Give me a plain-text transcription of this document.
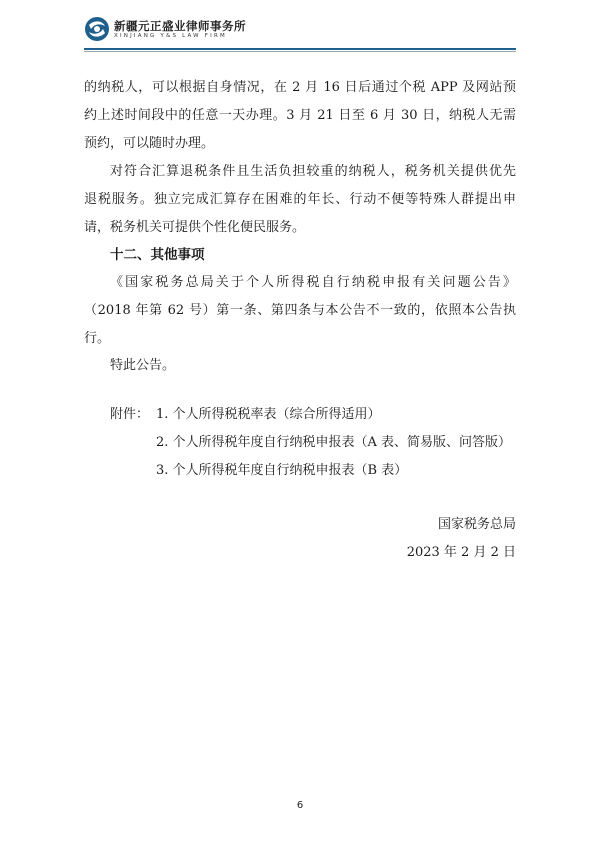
新疆元正盛业律师事务所
XINJIANG Y&S LAW FIRM
的纳税人，可以根据自身情况，在 2 月 16 日后通过个税 APP 及网站预
约上述时间段中的任意一天办理。3 月 21 日至 6 月 30 日，纳税人无需
预约，可以随时办理。
对符合汇算退税条件且生活负担较重的纳税人，税务机关提供优先
退税服务。独立完成汇算存在困难的年长、行动不便等特殊人群提出申
请，税务机关可提供个性化便民服务。
十二、其他事项
《国家税务总局关于个人所得税自行纳税申报有关问题公告》
（2018 年第 62 号）第一条、第四条与本公告不一致的，依照本公告执
行。
特此公告。
附件： 1. 个人所得税税率表（综合所得适用）
2. 个人所得税年度自行纳税申报表（A 表、简易版、问答版）
3. 个人所得税年度自行纳税申报表（B 表）
国家税务总局
2023 年 2 月 2 日
6
